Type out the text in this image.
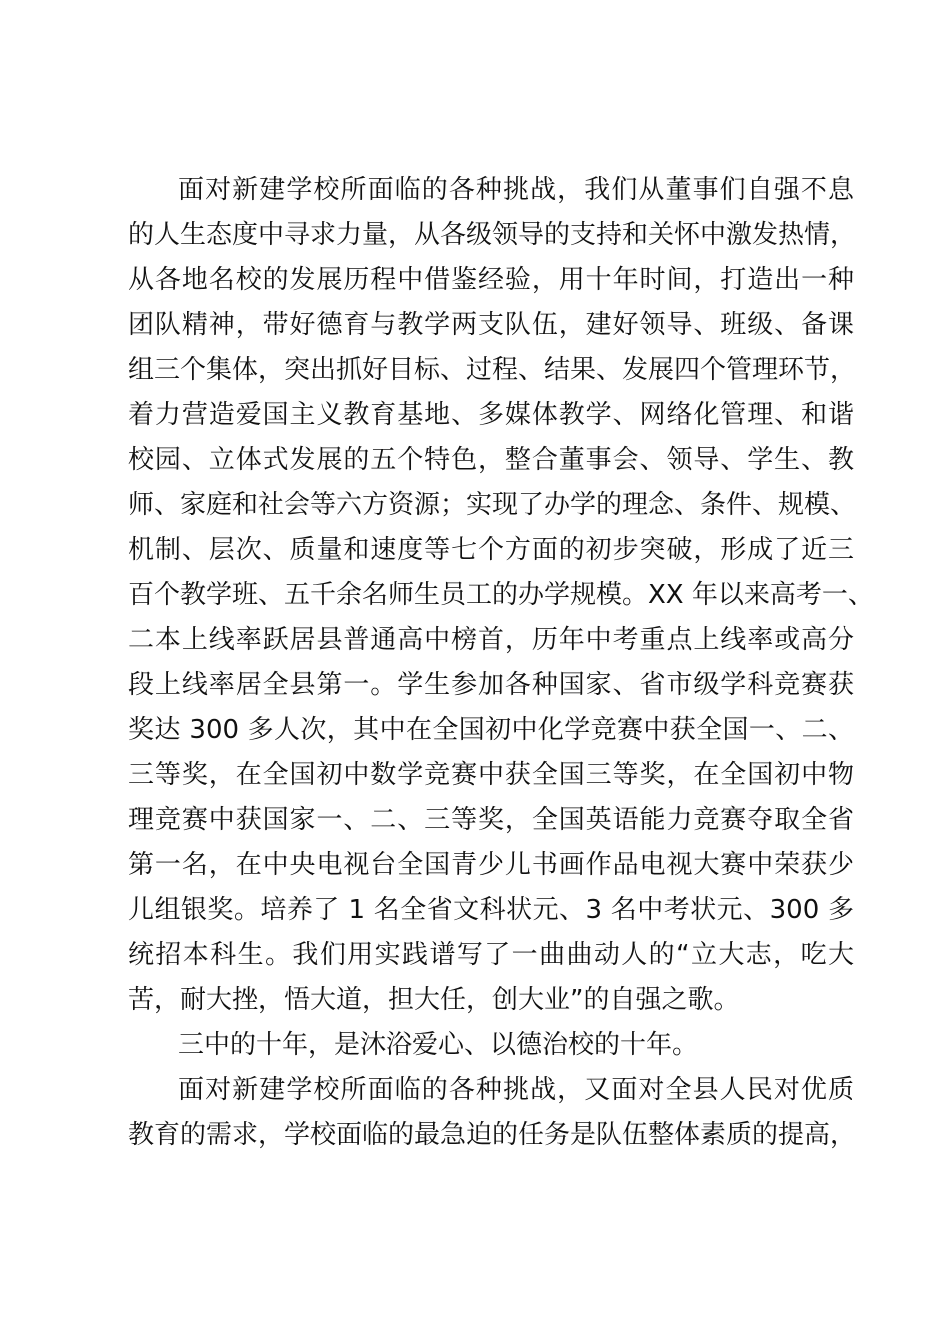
面对新建学校所面临的各种挑战，我们从董事们自强不息
的人生态度中寻求力量，从各级领导的支持和关怀中激发热情，
从各地名校的发展历程中借鉴经验，用十年时间，打造出一种
团队精神，带好德育与教学两支队伍，建好领导、班级、备课
组三个集体，突出抓好目标、过程、结果、发展四个管理环节，
着力营造爱国主义教育基地、多媒体教学、网络化管理、和谐
校园、立体式发展的五个特色，整合董事会、领导、学生、教
师、家庭和社会等六方资源；实现了办学的理念、条件、规模、
机制、层次、质量和速度等七个方面的初步突破，形成了近三
百个教学班、五千余名师生员工的办学规模。XX 年以来高考一、
二本上线率跃居县普通高中榜首，历年中考重点上线率或高分
段上线率居全县第一。学生参加各种国家、省市级学科竞赛获
奖达 300 多人次，其中在全国初中化学竞赛中获全国一、二、
三等奖，在全国初中数学竞赛中获全国三等奖，在全国初中物
理竞赛中获国家一、二、三等奖，全国英语能力竞赛夺取全省
第一名，在中央电视台全国青少儿书画作品电视大赛中荣获少
儿组银奖。培养了 1 名全省文科状元、3 名中考状元、300 多
统招本科生。我们用实践谱写了一曲曲动人的“立大志，吃大
苦，耐大挫，悟大道，担大任，创大业”的自强之歌。
三中的十年，是沐浴爱心、以德治校的十年。
面对新建学校所面临的各种挑战，又面对全县人民对优质
教育的需求，学校面临的最急迫的任务是队伍整体素质的提高，
